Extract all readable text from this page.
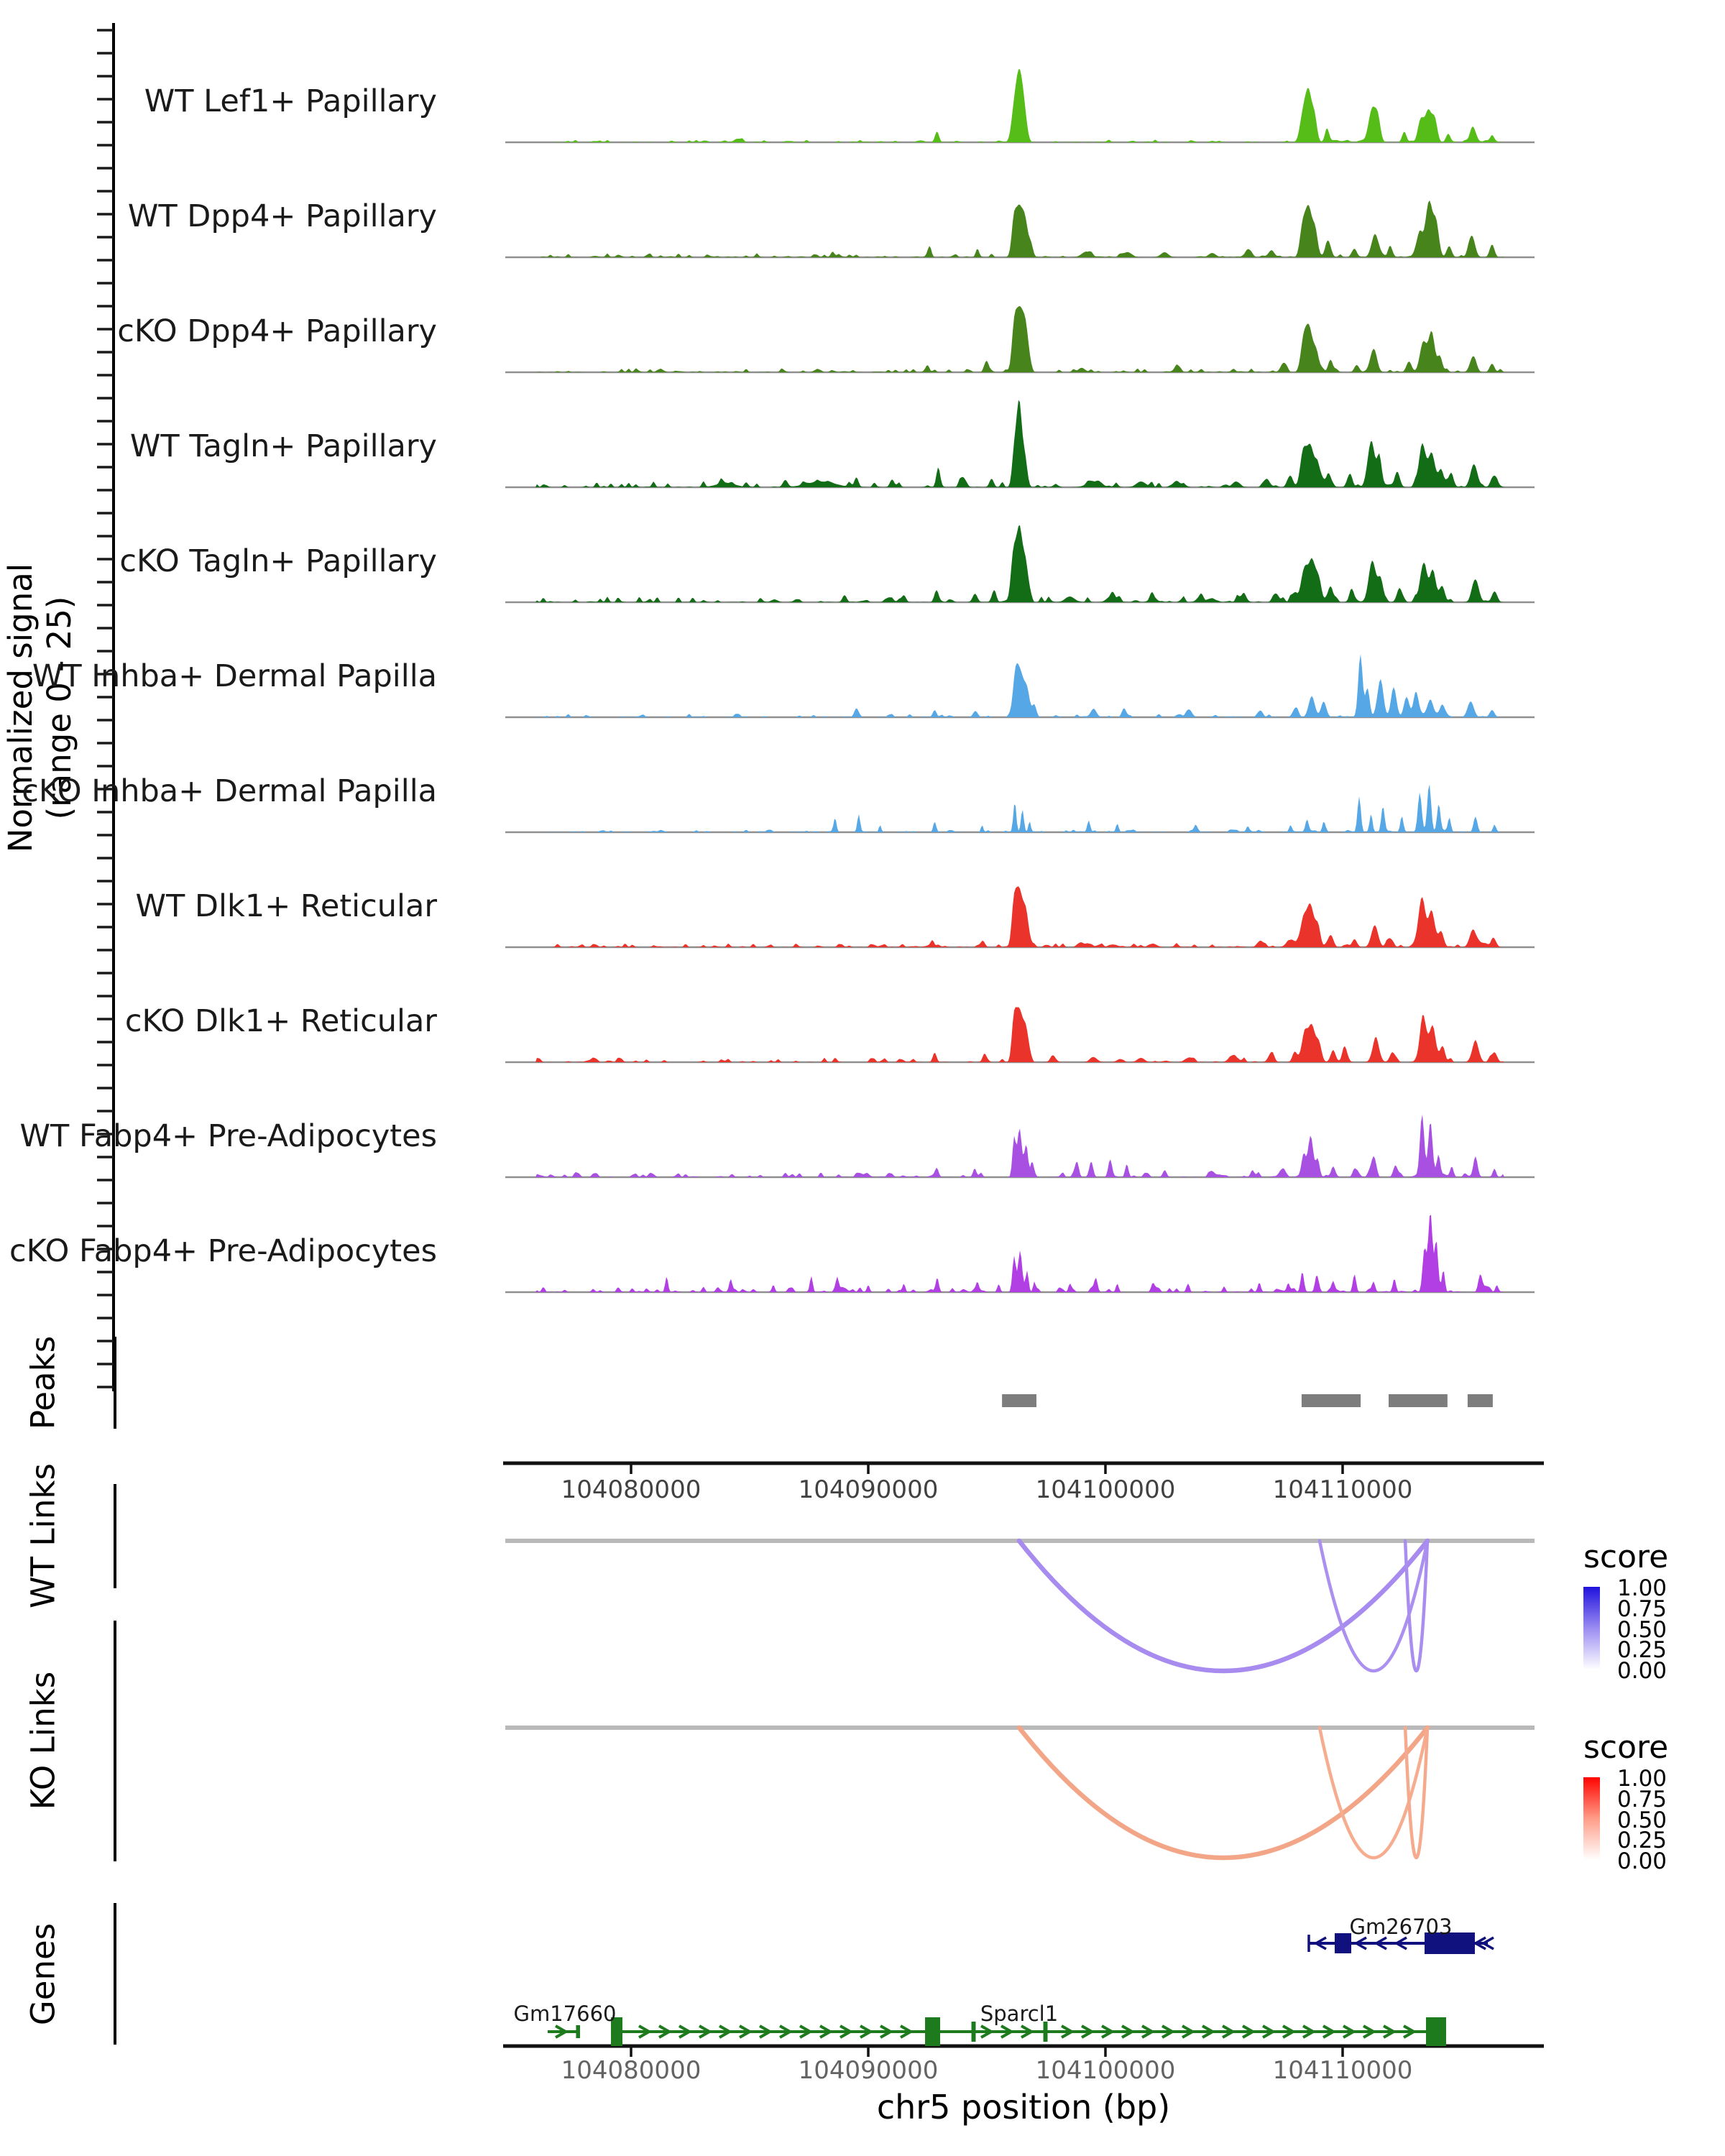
Normalized signal (range 0 - 25)
Peaks
WT Links
KO Links
Genes
WT Lef1+ Papillary
WT Dpp4+ Papillary
cKO Dpp4+ Papillary
WT Tagln+ Papillary
cKO Tagln+ Papillary
WT Inhba+ Dermal Papilla
cKO Inhba+ Dermal Papilla
WT Dlk1+ Reticular
cKO Dlk1+ Reticular
WT Fabp4+ Pre-Adipocytes
cKO Fabp4+ Pre-Adipocytes
104080000	104090000	104100000	104110000
104080000	104090000	104100000	104110000
score
1.00
0.75
0.50
0.25
0.00
score
1.00
0.75
0.50
0.25
0.00
Gm26703
Gm17660	Sparcl1
chr5 position (bp)
